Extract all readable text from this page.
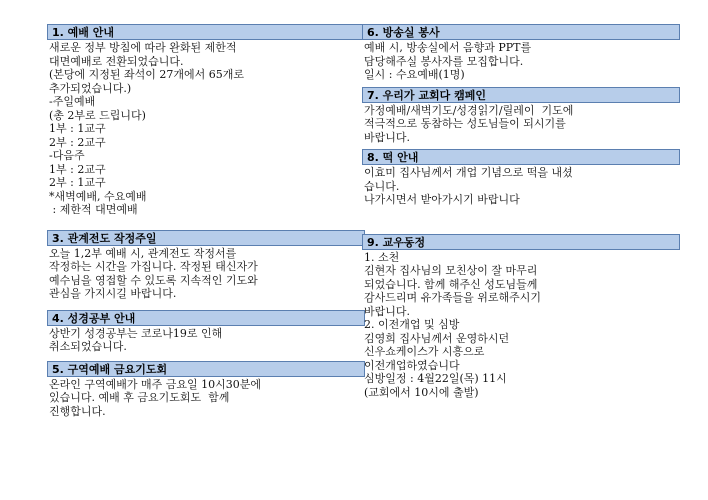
1. 예배 안내
새로운 정부 방침에 따라 완화된 제한적
대면예배로 전환되었습니다.
(본당에 지정된 좌석이 27개에서 65개로
추가되었습니다.)
-주일예배
(총 2부로 드립니다)
1부 : 1교구
2부 : 2교구
-다음주
1부 : 2교구
2부 : 1교구
*새벽예배, 수요예배
: 제한적 대면예배
3. 관계전도 작정주일
오늘 1,2부 예배 시, 관계전도 작정서를
작정하는 시간을 가집니다. 작정된 태신자가
예수님을 영접할 수 있도록 지속적인 기도와
관심을 가지시길 바랍니다.
4. 성경공부 안내
상반기 성경공부는 코로나19로 인해
취소되었습니다.
5. 구역예배 금요기도회
온라인 구역예배가 매주 금요일 10시30분에
있습니다. 예배 후 금요기도회도  함께
진행합니다.
6. 방송실 봉사
예배 시, 방송실에서 음향과 PPT를
담당해주실 봉사자를 모집합니다.
일시 : 수요예배(1명)
7. 우리가 교회다 캠페인
가정예배/새벽기도/성경읽기/릴레이  기도에
적극적으로 동참하는 성도님들이 되시기를
바랍니다.
8. 떡 안내
이효미 집사님께서 개업 기념으로 떡을 내셨
습니다.
나가시면서 받아가시기 바랍니다
9. 교우동정
1. 소천
김현자 집사님의 모친상이 잘 마무리
되었습니다. 함께 해주신 성도님들께
감사드리며 유가족들을 위로해주시기
바랍니다.
2. 이전개업 및 심방
김영희 집사님께서 운영하시던
신우쇼케이스가 시흥으로
이전개업하였습니다
심방일정 : 4월22일(목) 11시
(교회에서 10시에 출발)
